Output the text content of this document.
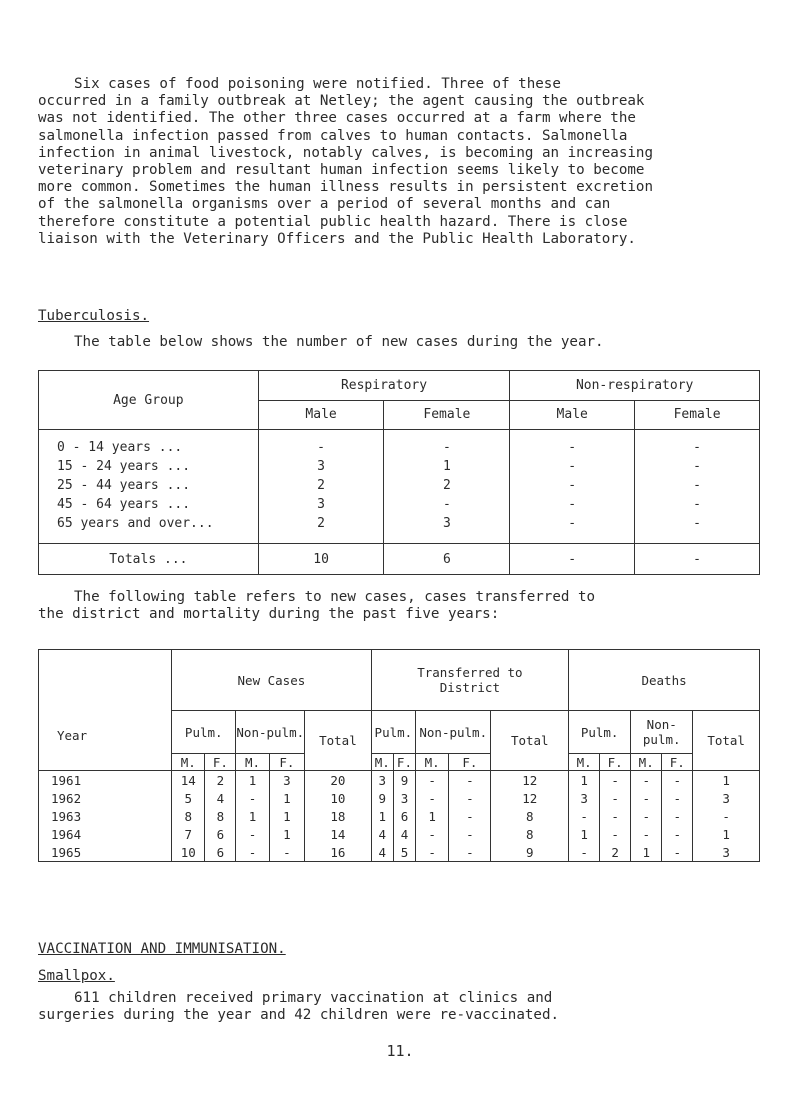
Six cases of food poisoning were notified. Three of these
occurred in a family outbreak at Netley; the agent causing the outbreak
was not identified. The other three cases occurred at a farm where the
salmonella infection passed from calves to human contacts. Salmonella
infection in animal livestock, notably calves, is becoming an increasing
veterinary problem and resultant human infection seems likely to become
more common. Sometimes the human illness results in persistent excretion
of the salmonella organisms over a period of several months and can
therefore constitute a potential public health hazard. There is close
liaison with the Veterinary Officers and the Public Health Laboratory.
Tuberculosis.
The table below shows the number of new cases during the year.
Age Group	Respiratory		Non-respiratory	
	Male	Female	Male	Female
0 - 14 years ...	-	-	-	-
15 - 24 years ...	3	1	-	-
25 - 44 years ...	2	2	-	-
45 - 64 years ...	3	-	-	-
65 years and over...	2	3	-	-
Totals ...	10	6	-	-
The following table refers to new cases, cases transferred to
the district and mortality during the past five years:
Year	New Cases					Transferred to District					Deaths				
	Pulm.		Non-pulm.		Total	Pulm.		Non-pulm.		Total	Pulm.		Non-pulm.		Total
	M.	F.	M.	F.		M.	F.	M.	F.		M.	F.	M.	F.	
1961	14	2	1	3	20	3	9	-	-	12	1	-	-	-	1
1962	5	4	-	1	10	9	3	-	-	12	3	-	-	-	3
1963	8	8	1	1	18	1	6	1	-	8	-	-	-	-	-
1964	7	6	-	1	14	4	4	-	-	8	1	-	-	-	1
1965	10	6	-	-	16	4	5	-	-	9	-	2	1	-	3
VACCINATION AND IMMUNISATION.
Smallpox.
611 children received primary vaccination at clinics and
surgeries during the year and 42 children were re-vaccinated.
11.
